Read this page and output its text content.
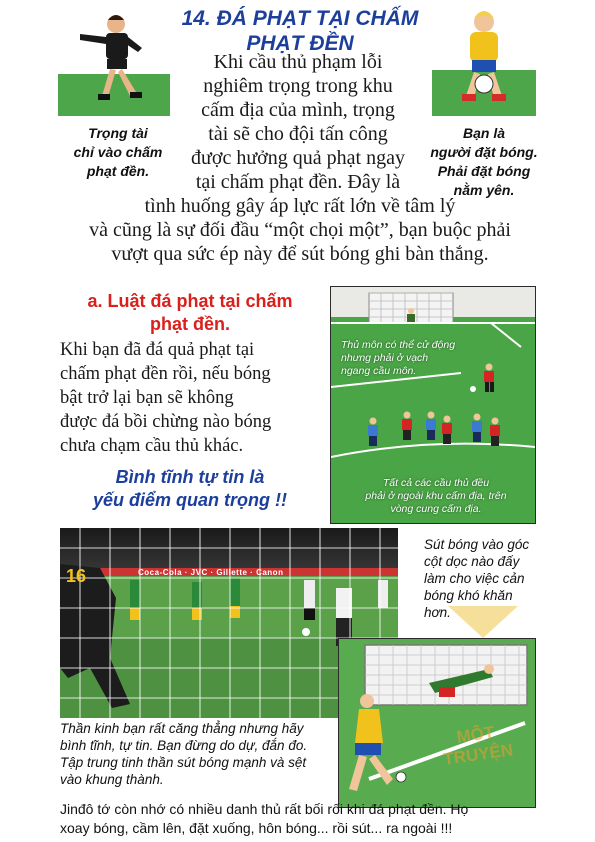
14. ĐÁ PHẠT TẠI CHẤM
PHẠT ĐỀN
Khi cầu thủ phạm lỗi
nghiêm trọng trong khu
cấm địa của mình, trọng
tài sẽ cho đội tấn công
được hưởng quả phạt ngay
tại chấm phạt đền. Đây là
tình huống gây áp lực rất lớn về tâm lý
và cũng là sự đối đầu “một chọi một”, bạn buộc phải
vượt qua sức ép này để sút bóng ghi bàn thắng.
Trọng tài
chỉ vào chấm
phạt đền.
Bạn là
người đặt bóng.
Phải đặt bóng
nằm yên.
a. Luật đá phạt tại chấm
phạt đền.
Khi bạn đã đá quả phạt tại
chấm phạt đền rồi, nếu bóng
bật trở lại bạn sẽ không
được đá bồi chừng nào bóng
chưa chạm cầu thủ khác.
Bình tĩnh tự tin là
yếu điểm quan trọng !!
Thủ môn có thể cử động
nhưng phải ở vạch
ngang cầu môn.
Tất cả các cầu thủ đều
phải ở ngoài khu cấm địa, trên
vòng cung cấm địa.
16	Coca-Cola · JVC · Gillette · Canon
Sút bóng vào góc
cột dọc nào đấy
làm cho việc cản
bóng khó khăn
hơn.
MỘT
TRUYỆN
Thần kinh bạn rất căng thẳng nhưng hãy
bình tĩnh, tự tin. Bạn đừng do dự, đắn đo.
Tập trung tinh thần sút bóng mạnh và sệt
vào khung thành.
Jinđô tớ còn nhớ có nhiều danh thủ rất bối rối khi đá phạt đền. Họ
xoay bóng, cầm lên, đặt xuống, hôn bóng... rồi sút... ra ngoài !!!
